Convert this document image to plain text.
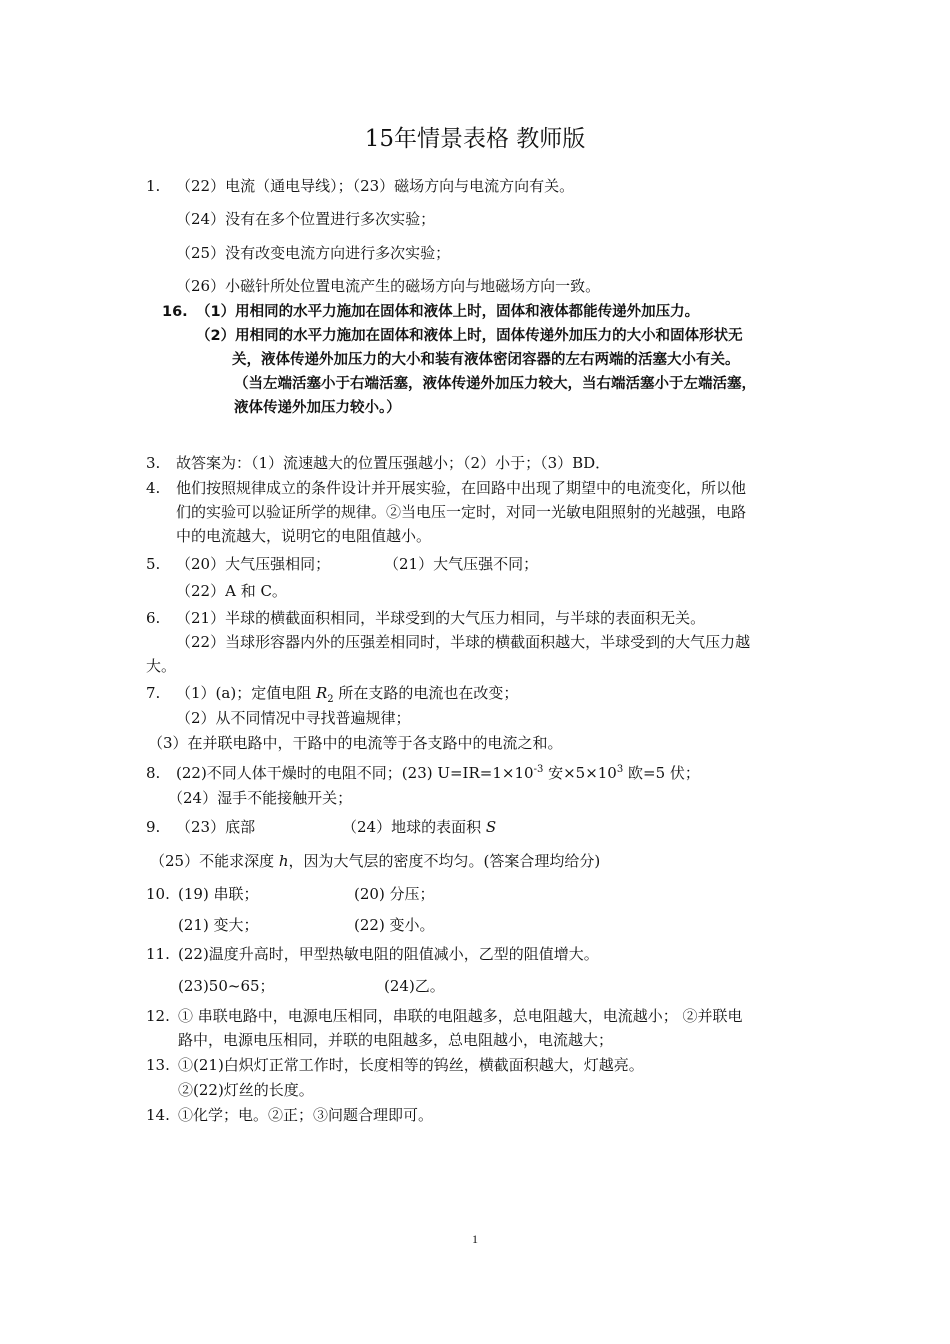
15年情景表格 教师版
1. （22）电流（通电导线）；（23）磁场方向与电流方向有关。
（24）没有在多个位置进行多次实验；
（25）没有改变电流方向进行多次实验；
（26）小磁针所处位置电流产生的磁场方向与地磁场方向一致。
16. （1）用相同的水平力施加在固体和液体上时，固体和液体都能传递外加压力。
（2）用相同的水平力施加在固体和液体上时，固体传递外加压力的大小和固体形状无
关，液体传递外加压力的大小和装有液体密闭容器的左右两端的活塞大小有关。
（当左端活塞小于右端活塞，液体传递外加压力较大，当右端活塞小于左端活塞，
液体传递外加压力较小。）
3. 故答案为：（1）流速越大的位置压强越小；（2）小于；（3）BD．
4. 他们按照规律成立的条件设计并开展实验，在回路中出现了期望中的电流变化，所以他
们的实验可以验证所学的规律。②当电压一定时，对同一光敏电阻照射的光越强，电路
中的电流越大，说明它的电阻值越小。
5. （20）大气压强相同；	（21）大气压强不同；
（22）A 和 C。
6. （21）半球的横截面积相同，半球受到的大气压力相同，与半球的表面积无关。
（22）当球形容器内外的压强差相同时，半球的横截面积越大，半球受到的大气压力越
大。
7. （1）(a)；定值电阻 $R_2$ 所在支路的电流也在改变；
（2）从不同情况中寻找普遍规律；
（3）在并联电路中，干路中的电流等于各支路中的电流之和。
8. (22)不同人体干燥时的电阻不同；(23) $U=IR=1\times 10^{-3}$ 安$\times 5\times 10^3$ 欧=5 伏；
（24）湿手不能接触开关；
9. （23）底部	（24）地球的表面积 S
（25）不能求深度 h，因为大气层的密度不均匀。(答案合理均给分)
10. (19) 串联；	(20) 分压；
(21) 变大；	(22) 变小。
11. (22)温度升高时，甲型热敏电阻的阻值减小，乙型的阻值增大。
(23)50~65；	(24)乙。
12. ① 串联电路中，电源电压相同，串联的电阻越多，总电阻越大，电流越小； ②并联电
路中，电源电压相同，并联的电阻越多，总电阻越小，电流越大；
13. ①(21)白炽灯正常工作时，长度相等的钨丝，横截面积越大，灯越亮。
②(22)灯丝的长度。
14. ①化学；电。②正；③问题合理即可。
1
